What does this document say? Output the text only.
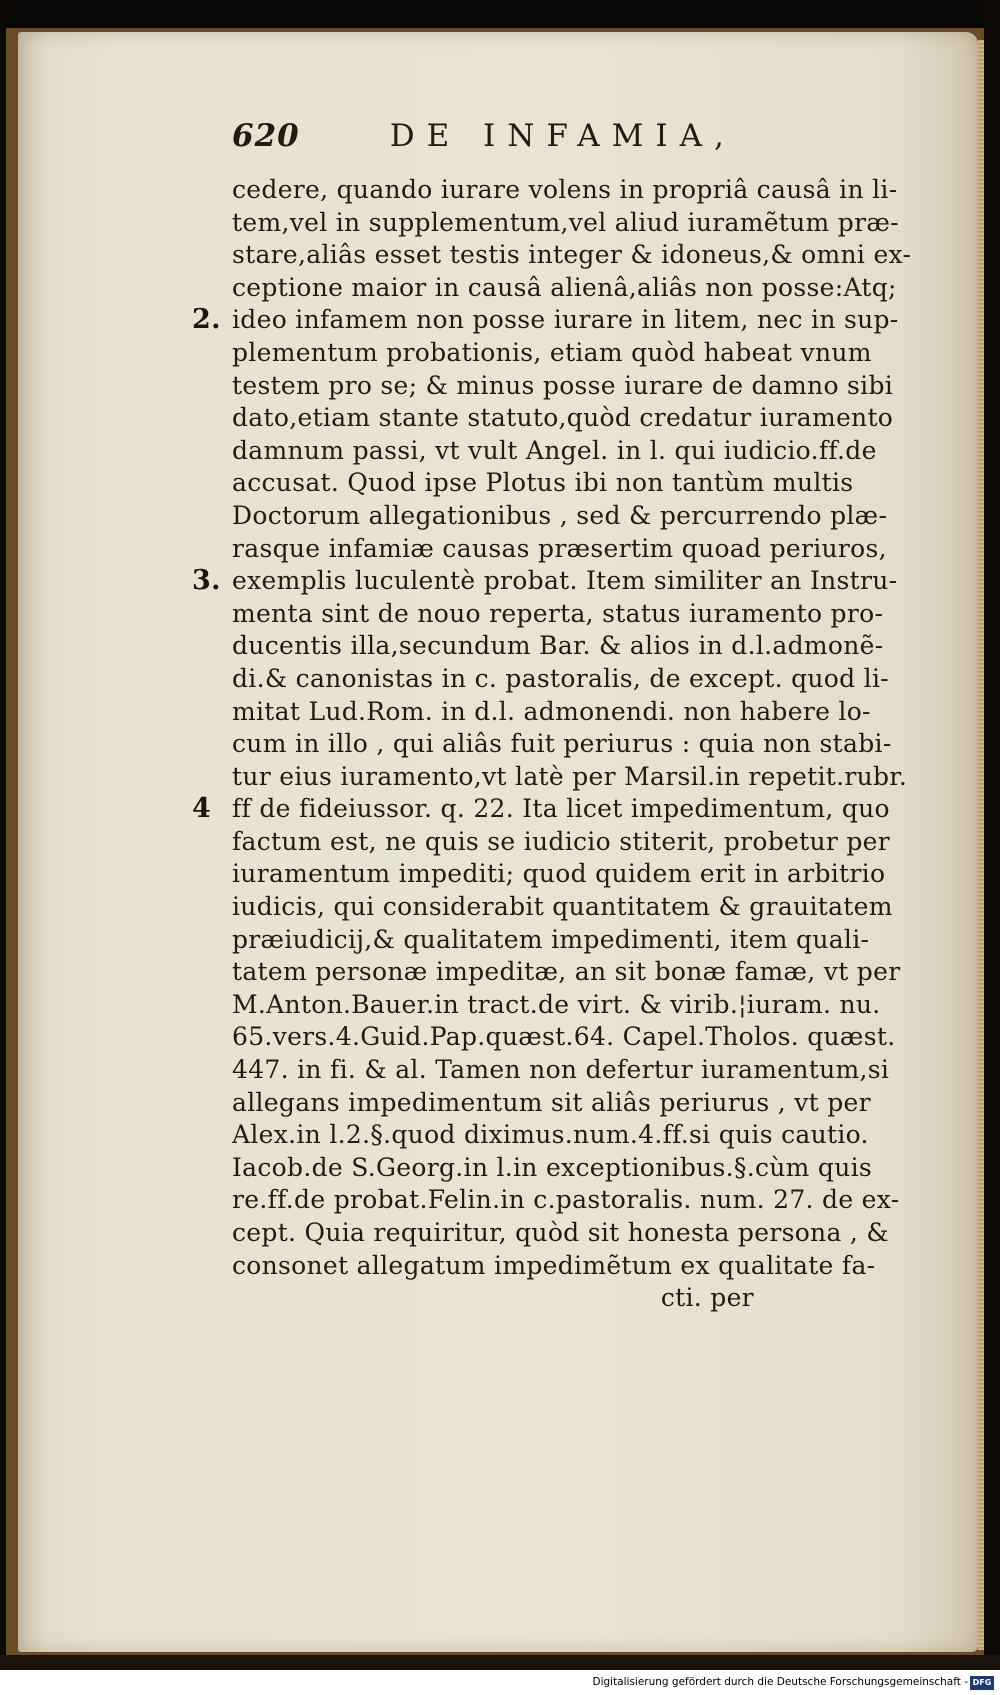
620	DE INFAMIA,
cedere, quando iurare volens in propriâ causâ in li-
tem,vel in supplementum,vel aliud iuramẽtum præ-
stare,aliâs esset testis integer & idoneus,& omni ex-
ceptione maior in causâ alienâ,aliâs non posse:Atq;
2. ideo infamem non posse iurare in litem, nec in sup-
plementum probationis, etiam quòd habeat vnum
testem pro se; & minus posse iurare de damno sibi
dato,etiam stante statuto,quòd credatur iuramento
damnum passi, vt vult Angel. in l. qui iudicio.ff.de
accusat. Quod ipse Plotus ibi non tantùm multis
Doctorum allegationibus , sed & percurrendo plæ-
rasque infamiæ causas præsertim quoad periuros,
3. exemplis luculentè probat. Item similiter an Instru-
menta sint de nouo reperta, status iuramento pro-
ducentis illa,secundum Bar. & alios in d.l.admonẽ-
di.& canonistas in c. pastoralis, de except. quod li-
mitat Lud.Rom. in d.l. admonendi. non habere lo-
cum in illo , qui aliâs fuit periurus : quia non stabi-
tur eius iuramento,vt latè per Marsil.in repetit.rubr.
4 ff de fideiussor. q. 22. Ita licet impedimentum, quo
factum est, ne quis se iudicio stiterit, probetur per
iuramentum impediti; quod quidem erit in arbitrio
iudicis, qui considerabit quantitatem & grauitatem
præiudicij,& qualitatem impedimenti, item quali-
tatem personæ impeditæ, an sit bonæ famæ, vt per
M.Anton.Bauer.in tract.de virt. & virib.¦iuram. nu.
65.vers.4.Guid.Pap.quæst.64. Capel.Tholos. quæst.
447. in fi. & al. Tamen non defertur iuramentum,si
allegans impedimentum sit aliâs periurus , vt per
Alex.in l.2.§.quod diximus.num.4.ff.si quis cautio.
Iacob.de S.Georg.in l.in exceptionibus.§.cùm quis
re.ff.de probat.Felin.in c.pastoralis. num. 27. de ex-
cept. Quia requiritur, quòd sit honesta persona , &
consonet allegatum impedimẽtum ex qualitate fa-
cti. per
Digitalisierung gefördert durch die Deutsche Forschungsgemeinschaft - DFG
